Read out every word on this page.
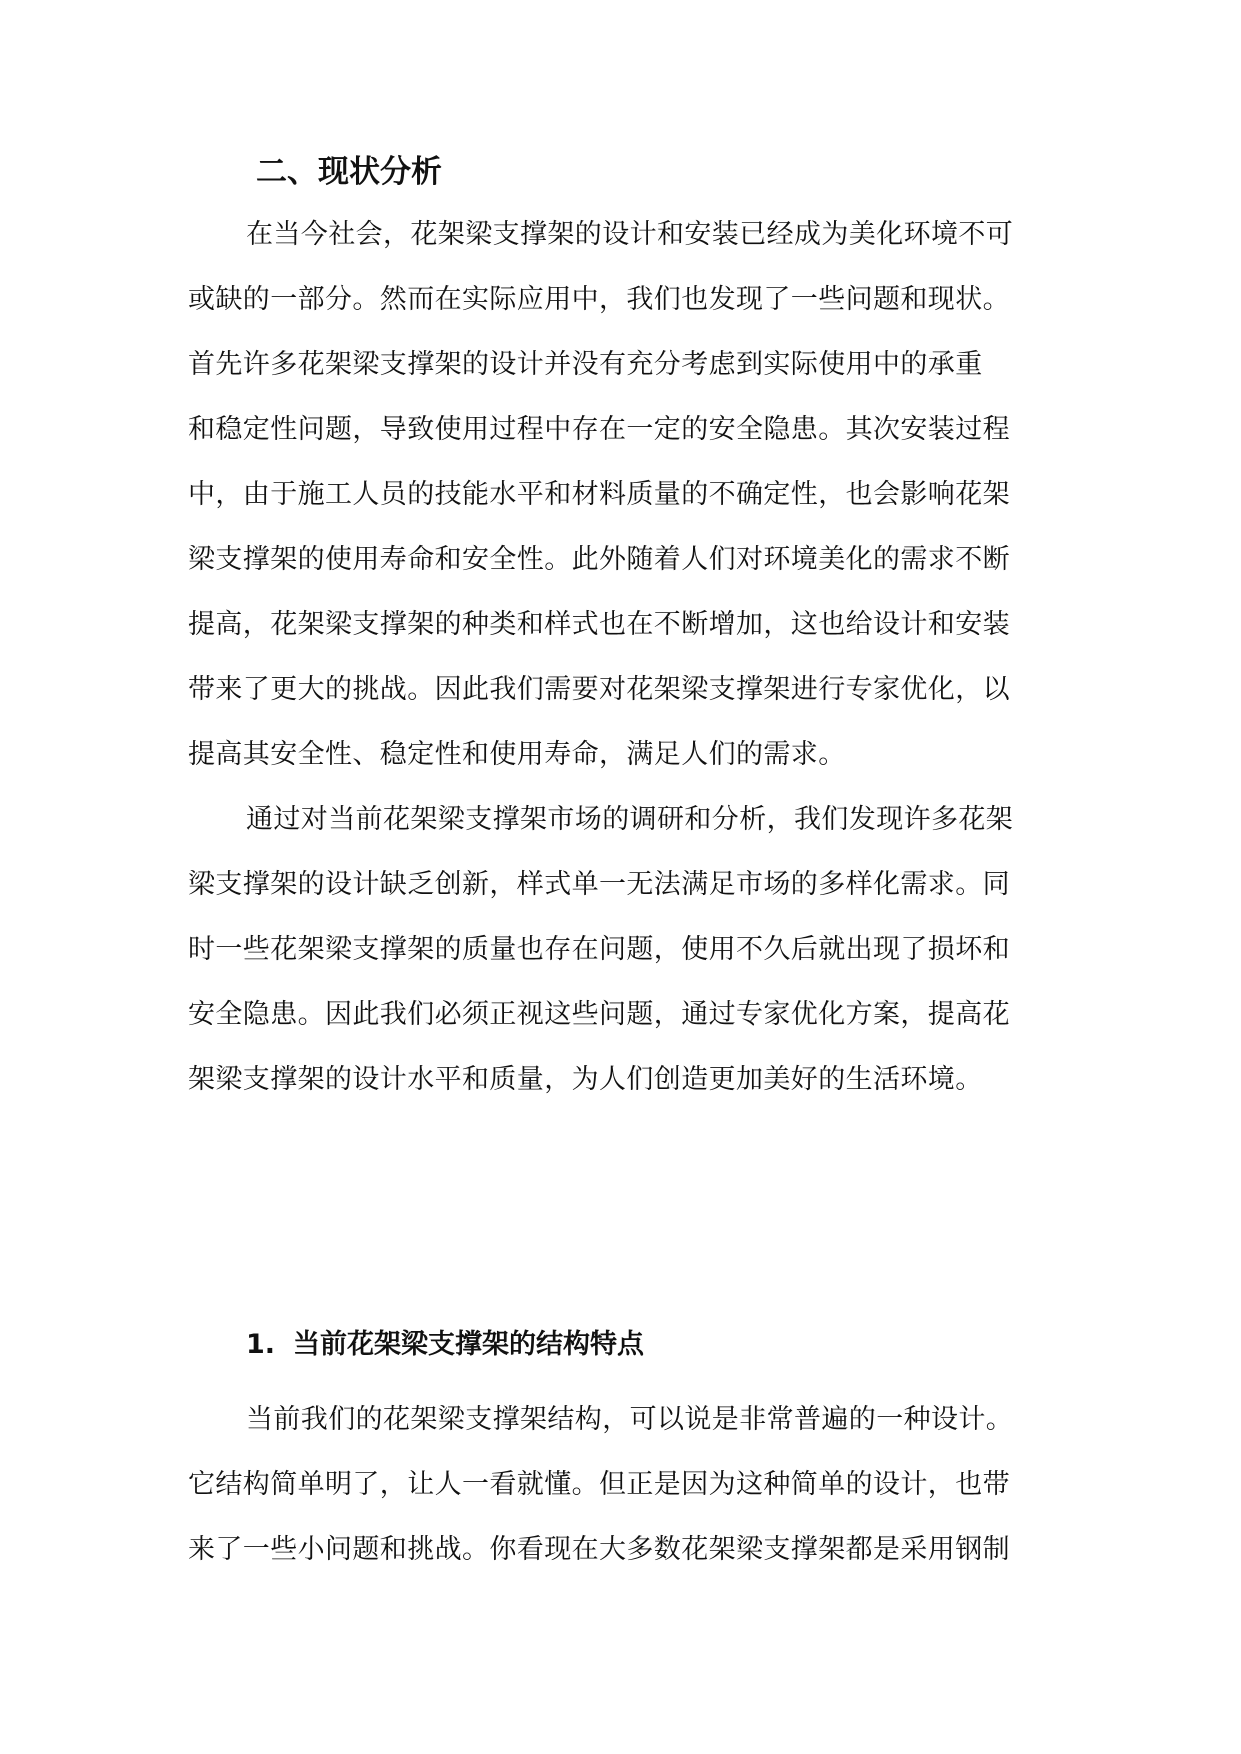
二、现状分析
在当今社会，花架梁支撑架的设计和安装已经成为美化环境不可
或缺的一部分。然而在实际应用中，我们也发现了一些问题和现状。
首先许多花架梁支撑架的设计并没有充分考虑到实际使用中的承重
和稳定性问题，导致使用过程中存在一定的安全隐患。其次安装过程
中，由于施工人员的技能水平和材料质量的不确定性，也会影响花架
梁支撑架的使用寿命和安全性。此外随着人们对环境美化的需求不断
提高，花架梁支撑架的种类和样式也在不断增加，这也给设计和安装
带来了更大的挑战。因此我们需要对花架梁支撑架进行专家优化，以
提高其安全性、稳定性和使用寿命，满足人们的需求。
通过对当前花架梁支撑架市场的调研和分析，我们发现许多花架
梁支撑架的设计缺乏创新，样式单一无法满足市场的多样化需求。同
时一些花架梁支撑架的质量也存在问题，使用不久后就出现了损坏和
安全隐患。因此我们必须正视这些问题，通过专家优化方案，提高花
架梁支撑架的设计水平和质量，为人们创造更加美好的生活环境。
1. 当前花架梁支撑架的结构特点
当前我们的花架梁支撑架结构，可以说是非常普遍的一种设计。
它结构简单明了，让人一看就懂。但正是因为这种简单的设计，也带
来了一些小问题和挑战。你看现在大多数花架梁支撑架都是采用钢制
